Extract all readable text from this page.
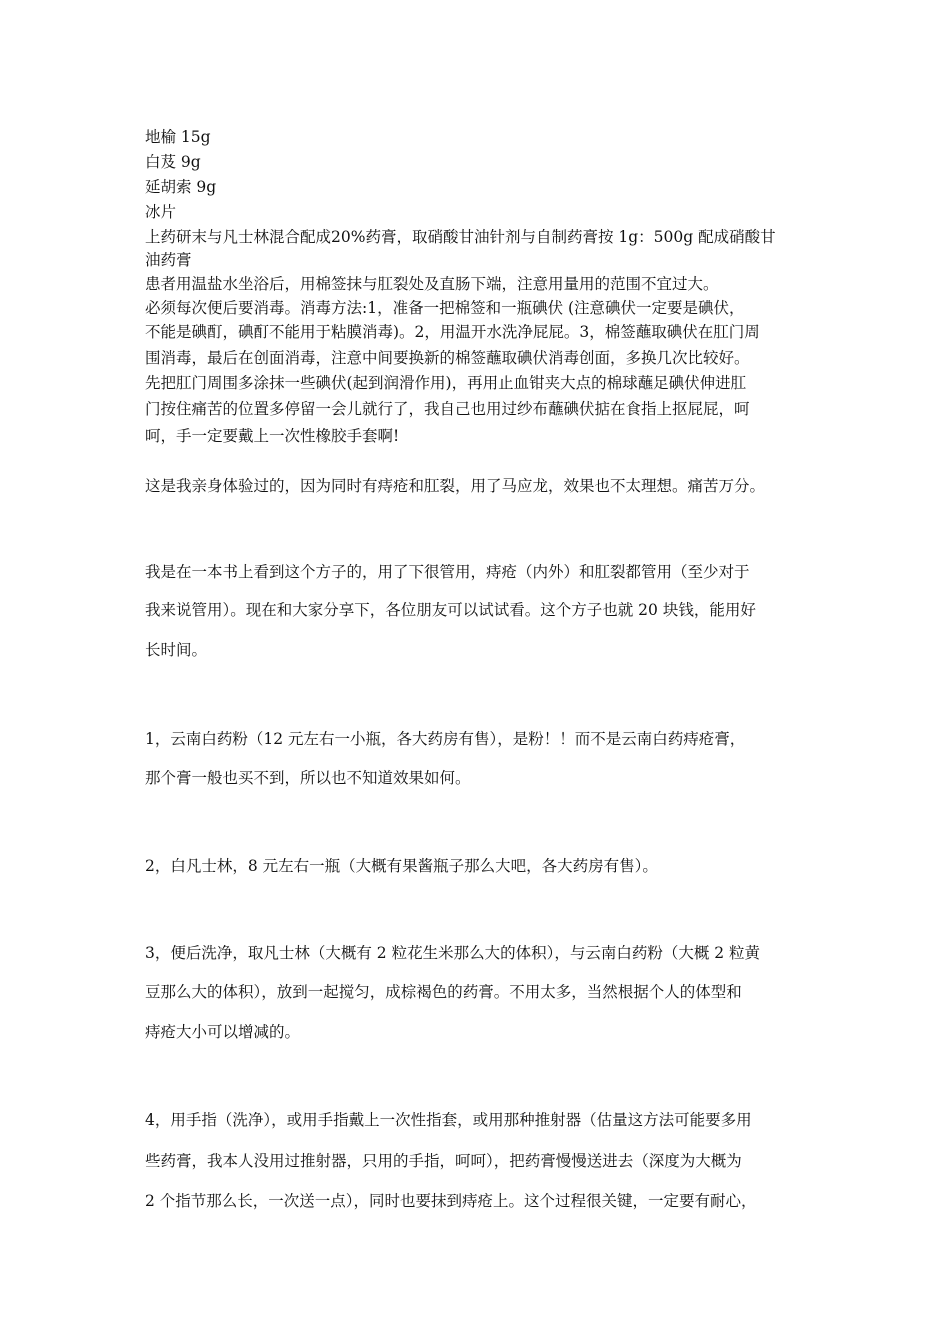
地榆 15g
白芨 9g
延胡索 9g
冰片
上药研末与凡士林混合配成20%药膏，取硝酸甘油针剂与自制药膏按 1g：500g 配成硝酸甘
油药膏
患者用温盐水坐浴后，用棉签抹与肛裂处及直肠下端，注意用量用的范围不宜过大。
必须每次便后要消毒。消毒方法:1，准备一把棉签和一瓶碘伏 (注意碘伏一定要是碘伏，
不能是碘酊，碘酊不能用于粘膜消毒)。2，用温开水洗净屁屁。3，棉签蘸取碘伏在肛门周
围消毒，最后在创面消毒，注意中间要换新的棉签蘸取碘伏消毒创面，多换几次比较好。
先把肛门周围多涂抹一些碘伏(起到润滑作用)，再用止血钳夹大点的棉球蘸足碘伏伸进肛
门按住痛苦的位置多停留一会儿就行了，我自己也用过纱布蘸碘伏掂在食指上抠屁屁，呵
呵，手一定要戴上一次性橡胶手套啊!
这是我亲身体验过的，因为同时有痔疮和肛裂，用了马应龙，效果也不太理想。痛苦万分。
我是在一本书上看到这个方子的，用了下很管用，痔疮（内外）和肛裂都管用（至少对于
我来说管用）。现在和大家分享下，各位朋友可以试试看。这个方子也就 20 块钱，能用好
长时间。
1，云南白药粉（12 元左右一小瓶，各大药房有售），是粉！！而不是云南白药痔疮膏，
那个膏一般也买不到，所以也不知道效果如何。
2，白凡士林，8 元左右一瓶（大概有果酱瓶子那么大吧，各大药房有售）。
3，便后洗净，取凡士林（大概有 2 粒花生米那么大的体积），与云南白药粉（大概 2 粒黄
豆那么大的体积），放到一起搅匀，成棕褐色的药膏。不用太多，当然根据个人的体型和
痔疮大小可以增减的。
4，用手指（洗净），或用手指戴上一次性指套，或用那种推射器（估量这方法可能要多用
些药膏，我本人没用过推射器，只用的手指，呵呵），把药膏慢慢送进去（深度为大概为
2 个指节那么长，一次送一点），同时也要抹到痔疮上。这个过程很关键，一定要有耐心，
